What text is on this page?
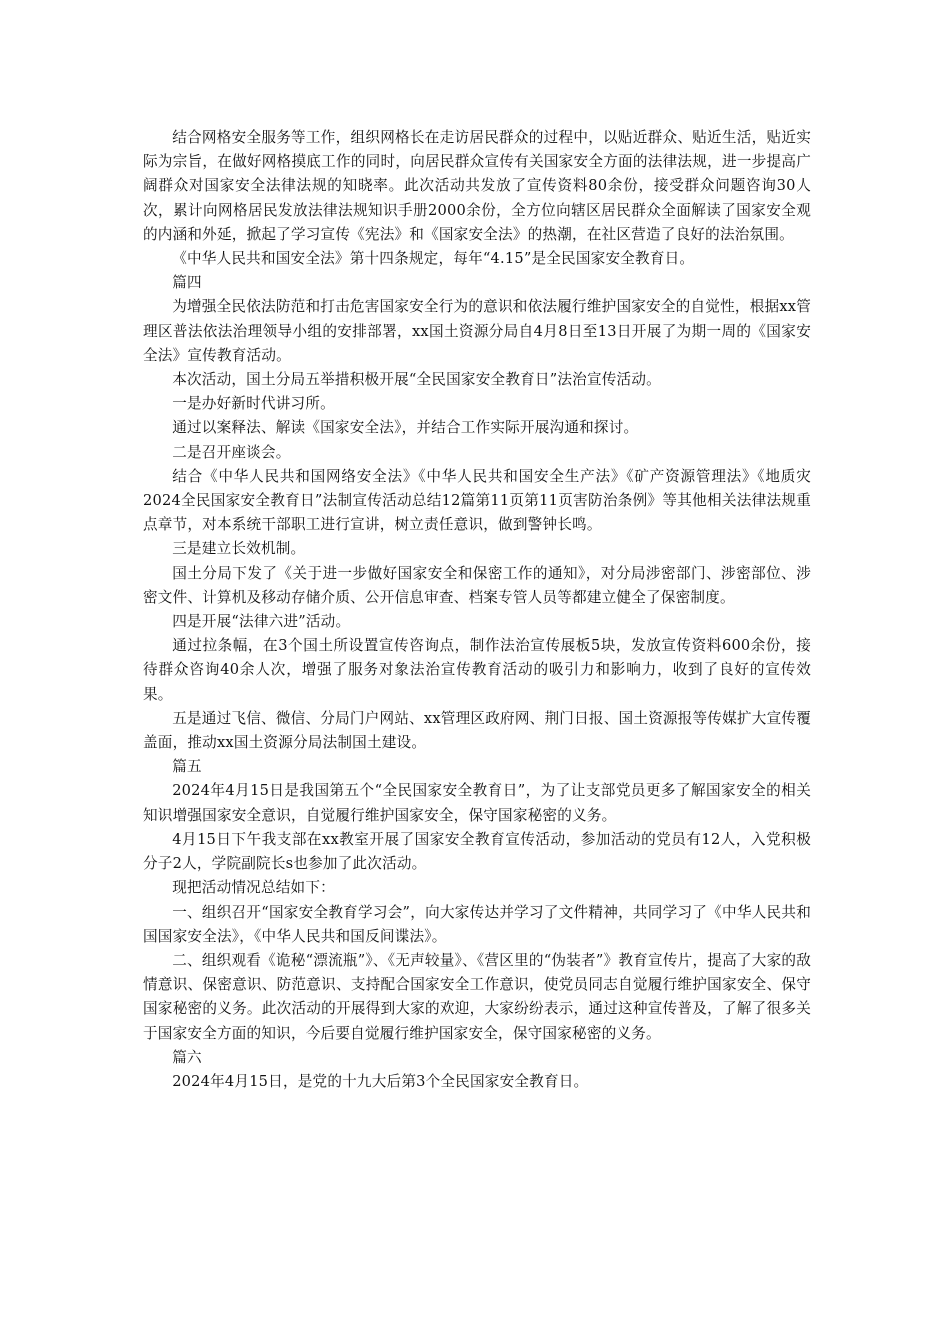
结合网格安全服务等工作，组织网格长在走访居民群众的过程中，以贴近群众、贴近生活，贴近实际为宗旨，在做好网格摸底工作的同时，向居民群众宣传有关国家安全方面的法律法规，进一步提高广阔群众对国家安全法律法规的知晓率。此次活动共发放了宣传资料80余份，接受群众问题咨询30人次，累计向网格居民发放法律法规知识手册2000余份，全方位向辖区居民群众全面解读了国家安全观的内涵和外延，掀起了学习宣传《宪法》和《国家安全法》的热潮，在社区营造了良好的法治氛围。

《中华人民共和国安全法》第十四条规定，每年“4.15”是全民国家安全教育日。

篇四

为增强全民依法防范和打击危害国家安全行为的意识和依法履行维护国家安全的自觉性，根据xx管理区普法依法治理领导小组的安排部署，xx国土资源分局自4月8日至13日开展了为期一周的《国家安全法》宣传教育活动。

本次活动，国土分局五举措积极开展“全民国家安全教育日”法治宣传活动。

一是办好新时代讲习所。

通过以案释法、解读《国家安全法》，并结合工作实际开展沟通和探讨。

二是召开座谈会。

结合《中华人民共和国网络安全法》《中华人民共和国安全生产法》《矿产资源管理法》《地质灾2024全民国家安全教育日”法制宣传活动总结12篇第11页第11页害防治条例》等其他相关法律法规重点章节，对本系统干部职工进行宣讲，树立责任意识，做到警钟长鸣。

三是建立长效机制。

国土分局下发了《关于进一步做好国家安全和保密工作的通知》，对分局涉密部门、涉密部位、涉密文件、计算机及移动存储介质、公开信息审查、档案专管人员等都建立健全了保密制度。

四是开展“法律六进”活动。

通过拉条幅，在3个国土所设置宣传咨询点，制作法治宣传展板5块，发放宣传资料600余份，接待群众咨询40余人次，增强了服务对象法治宣传教育活动的吸引力和影响力，收到了良好的宣传效果。

五是通过飞信、微信、分局门户网站、xx管理区政府网、荆门日报、国土资源报等传媒扩大宣传覆盖面，推动xx国土资源分局法制国土建设。

篇五

2024年4月15日是我国第五个“全民国家安全教育日”，为了让支部党员更多了解国家安全的相关知识增强国家安全意识，自觉履行维护国家安全，保守国家秘密的义务。

4月15日下午我支部在xx教室开展了国家安全教育宣传活动，参加活动的党员有12人，入党积极分子2人，学院副院长s也参加了此次活动。

现把活动情况总结如下：

一、组织召开“国家安全教育学习会”，向大家传达并学习了文件精神，共同学习了《中华人民共和国国家安全法》，《中华人民共和国反间谍法》。

二、组织观看《诡秘“漂流瓶”》、《无声较量》、《营区里的“伪装者”》教育宣传片，提高了大家的敌情意识、保密意识、防范意识、支持配合国家安全工作意识，使党员同志自觉履行维护国家安全、保守国家秘密的义务。此次活动的开展得到大家的欢迎，大家纷纷表示，通过这种宣传普及，了解了很多关于国家安全方面的知识，今后要自觉履行维护国家安全，保守国家秘密的义务。

篇六

2024年4月15日，是党的十九大后第3个全民国家安全教育日。
